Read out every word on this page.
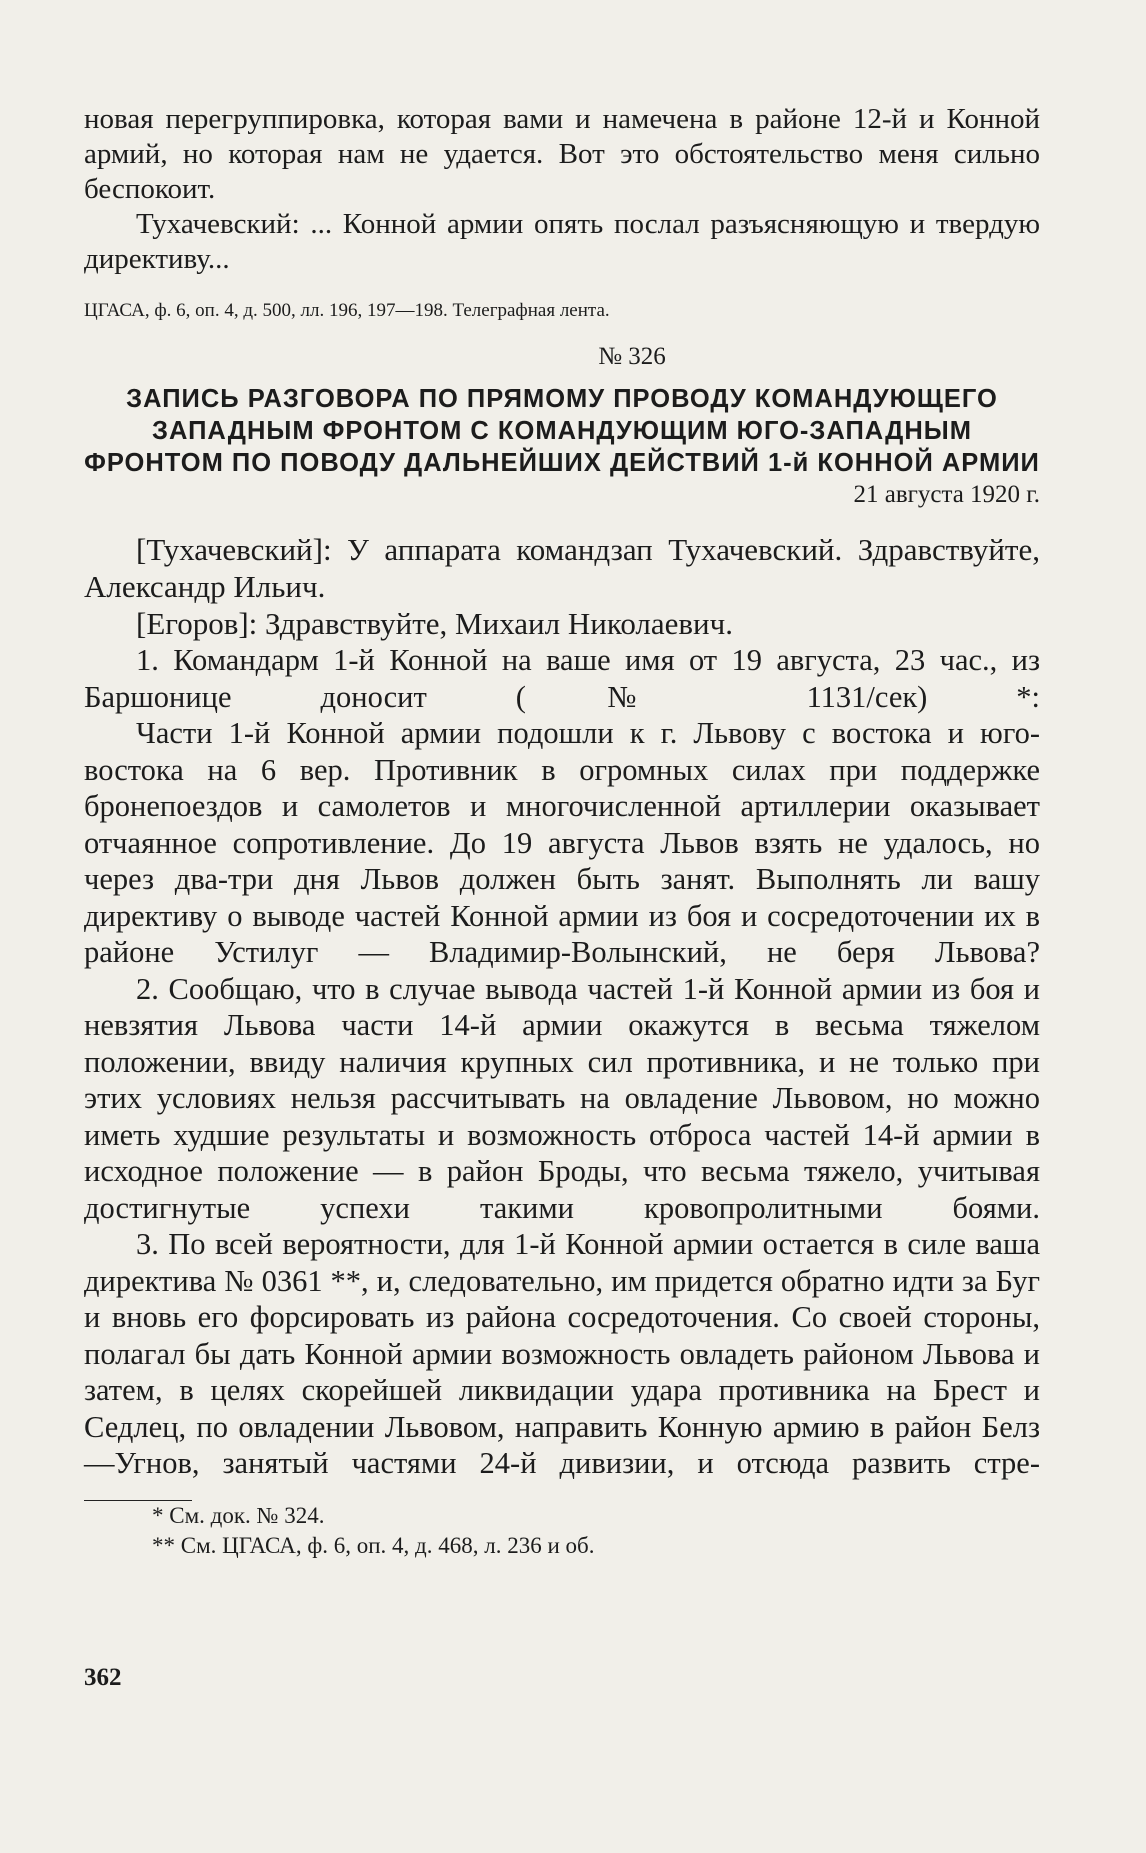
новая перегруппировка, которая вами и намечена в районе 12-й и Конной армий, но которая нам не удается. Вот это обстоятельство меня сильно беспокоит.

Тухачевский: ... Конной армии опять послал разъясняющую и твердую директиву...

ЦГАСА, ф. 6, оп. 4, д. 500, лл. 196, 197—198. Телеграфная лента.

№ 326
ЗАПИСЬ РАЗГОВОРА ПО ПРЯМОМУ ПРОВОДУ КОМАНДУЮЩЕГО ЗАПАДНЫМ ФРОНТОМ С КОМАНДУЮЩИМ ЮГО-ЗАПАДНЫМ ФРОНТОМ ПО ПОВОДУ ДАЛЬНЕЙШИХ ДЕЙСТВИЙ 1-й КОННОЙ АРМИИ
21 августа 1920 г.

[Тухачевский]: У аппарата командзап Тухачевский. Здравствуйте, Александр Ильич.

[Егоров]: Здравствуйте, Михаил Николаевич.

1. Командарм 1-й Конной на ваше имя от 19 августа, 23 час., из Баршонице доносит (№ 1131/сек) *:

Части 1-й Конной армии подошли к г. Львову с востока и юго-востока на 6 вер. Противник в огромных силах при поддержке бронепоездов и самолетов и многочисленной артиллерии оказывает отчаянное сопротивление. До 19 августа Львов взять не удалось, но через два-три дня Львов должен быть занят. Выполнять ли вашу директиву о выводе частей Конной армии из боя и сосредоточении их в районе Устилуг — Владимир-Волынский, не беря Львова?

2. Сообщаю, что в случае вывода частей 1-й Конной армии из боя и невзятия Львова части 14-й армии окажутся в весьма тяжелом положении, ввиду наличия крупных сил противника, и не только при этих условиях нельзя рассчитывать на овладение Львовом, но можно иметь худшие результаты и возможность отброса частей 14-й армии в исходное положение — в район Броды, что весьма тяжело, учитывая достигнутые успехи такими кровопролитными боями.

3. По всей вероятности, для 1-й Конной армии остается в силе ваша директива № 0361 **, и, следовательно, им придется обратно идти за Буг и вновь его форсировать из района сосредоточения. Со своей стороны, полагал бы дать Конной армии возможность овладеть районом Львова и затем, в целях скорейшей ликвидации удара противника на Брест и Седлец, по овладении Львовом, направить Конную армию в район Белз—Угнов, занятый частями 24-й дивизии, и отсюда развить стре-

* См. док. № 324.
** См. ЦГАСА, ф. 6, оп. 4, д. 468, л. 236 и об.
362
